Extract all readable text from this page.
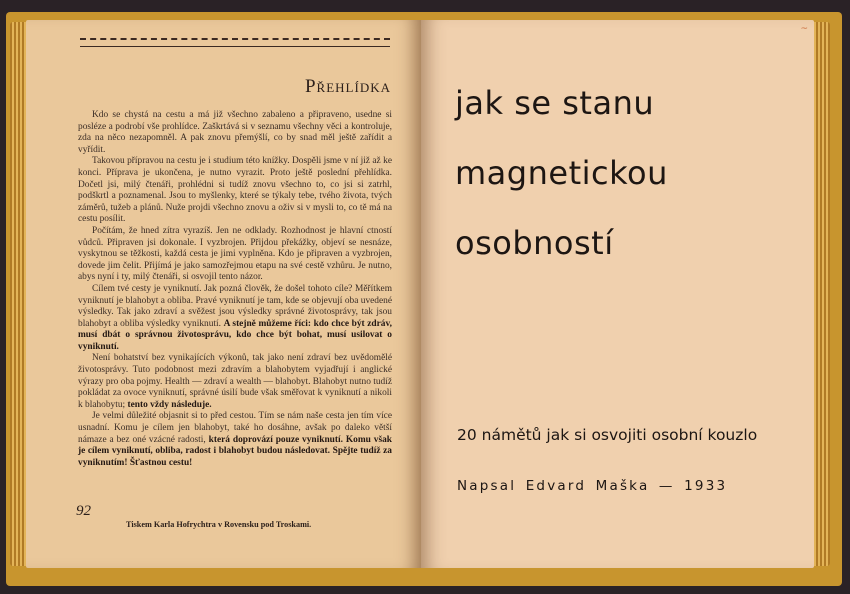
Přehlídka

Kdo se chystá na cestu a má již všechno zabaleno a připraveno, usedne si posléze a podrobí vše prohlídce. Zaškrtává si v seznamu všechny věci a kontroluje, zda na něco nezapomněl. A pak znovu přemýšlí, co by snad měl ještě zařídit a vyřídit.

Takovou přípravou na cestu je i studium této knížky. Dospěli jsme v ní již až ke konci. Příprava je ukončena, je nutno vyrazit. Proto ještě poslední přehlídka. Dočetl jsi, milý čtenáři, prohlédni si tudíž znovu všechno to, co jsi si zatrhl, podškrtl a poznamenal. Jsou to myšlenky, které se týkaly tebe, tvého života, tvých záměrů, tužeb a plánů. Nuže projdi všechno znovu a oživ si v mysli to, co tě má na cestu posílit.

Počítám, že hned zítra vyrazíš. Jen ne odklady. Rozhodnost je hlavní ctností vůdců. Připraven jsi dokonale. I vyzbrojen. Přijdou překážky, objeví se nesnáze, vyskytnou se těžkosti, každá cesta je jimi vyplněna. Kdo je připraven a vyzbrojen, dovede jim čelit. Přijímá je jako samozřejmou etapu na své cestě vzhůru. Je nutno, abys nyní i ty, milý čtenáři, si osvojil tento názor.

Cílem tvé cesty je vyniknutí. Jak pozná člověk, že došel tohoto cíle? Měřítkem vyniknutí je blahobyt a obliba. Pravé vyniknutí je tam, kde se objevují oba uvedené výsledky. Tak jako zdraví a svěžest jsou výsledky správné životosprávy, tak jsou blahobyt a obliba výsledky vyniknutí. A stejně můžeme říci: kdo chce být zdráv, musí dbát o správnou životosprávu, kdo chce být bohat, musí usilovat o vyniknutí.

Není bohatství bez vynikajících výkonů, tak jako není zdraví bez uvědomělé životosprávy. Tuto podobnost mezi zdravím a blahobytem vyjadřují i anglické výrazy pro oba pojmy. Health — zdraví a wealth — blahobyt. Blahobyt nutno tudíž pokládat za ovoce vyniknutí, správné úsilí bude však směřovat k vyniknutí a nikoli k blahobytu; tento vždy následuje.

Je velmi důležité objasnit si to před cestou. Tím se nám naše cesta jen tím více usnadní. Komu je cílem jen blahobyt, také ho dosáhne, avšak po daleko větší námaze a bez oné vzácné radosti, která doprovází pouze vyniknutí. Komu však je cílem vyniknutí, obliba, radost i blahobyt budou následovat. Spějte tudíž za vyniknutím! Šťastnou cestu!

92
Tiskem Karla Hofrychtra v Rovensku pod Troskami.
~
jak se stanu
magnetickou
osobností
20 námětů jak si osvojiti osobní kouzlo
Napsal Edvard Maška — 1933
